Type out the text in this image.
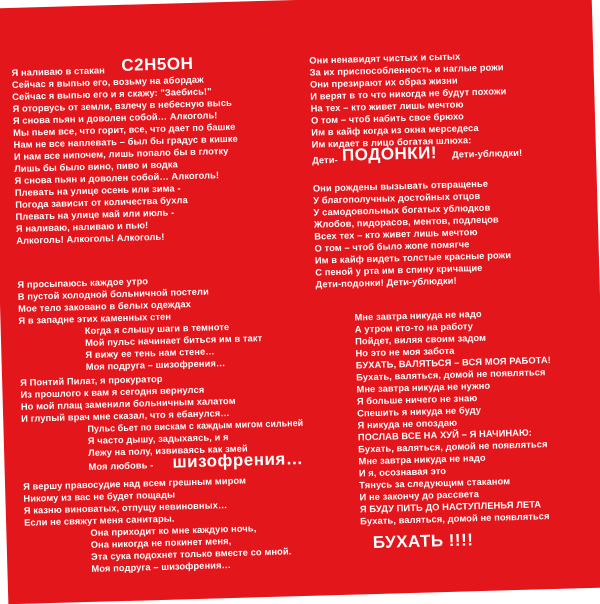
Я наливаю в стакан C2H5OH
Сейчас я выпью его, возьму на абордаж
Сейчас я выпью его и я скажу: "Заебись!"
Я оторвусь от земли, взлечу в небесную высь
Я снова пьян и доволен собой… Алкоголь!
Мы пьем все, что горит, все, что дает по башке
Нам не все наплевать – был бы градус в кишке
И нам все нипочем, лишь попало бы в глотку
Лишь бы было вино, пиво и водка
Я снова пьян и доволен собой… Алкоголь!
Плевать на улице осень или зима -
Погода зависит от количества бухла
Плевать на улице май или июль -
Я наливаю, наливаю и пью!
Алкоголь! Алкоголь! Алкоголь!
Я просыпаюсь каждое утро
В пустой холодной больничной постели
Мое тело заковано в белых одеждах
Я в западне этих каменных стен
Когда я слышу шаги в темноте
Мой пульс начинает биться им в такт
Я вижу ее тень нам стене…
Моя подруга – шизофрения…
Я Понтий Пилат, я прокуратор
Из прошлого к вам я сегодня вернулся
Но мой плащ заменили больничным халатом
И глупый врач мне сказал, что я ебанулся…
Пульс бьет по вискам с каждым мигом сильней
Я часто дышу, задыхаясь, и я
Лежу на полу, извиваясь как змей
Моя любовь - шизофрения…
Я вершу правосудие над всем грешным миром
Никому из вас не будет пощады
Я казню виноватых, отпущу невиновных…
Если не свяжут меня санитары.
Она приходит ко мне каждую ночь,
Она никогда не покинет меня,
Эта сука подохнет только вместе со мной.
Моя подруга – шизофрения…
Они ненавидят чистых и сытых
За их приспособленность и наглые рожи
Они презирают их образ жизни
И верят в то что никогда не будут похожи
На тех – кто живет лишь мечтою
О том – чтоб набить свое брюхо
Им в кайф когда из окна мерседеса
Им кидает в лицо богатая шлюха:
Дети- ПОДОНКИ! Дети-ублюдки!
Они рождены вызывать отвращенье
У благополучных достойных отцов
У самодовольных богатых ублюдков
Жлобов, пидорасов, ментов, подлецов
Всех тех – кто живет лишь мечтою
О том – чтоб было жопе помягче
Им в кайф видеть толстые красные рожи
С пеной у рта им в спину кричащие
Дети-подонки! Дети-ублюдки!
Мне завтра никуда не надо
А утром кто-то на работу
Пойдет, виляя своим задом
Но это не моя забота
БУХАТЬ, ВАЛЯТЬСЯ – ВСЯ МОЯ РАБОТА!
Бухать, валяться, домой не появляться
Мне завтра никуда не нужно
Я больше ничего не знаю
Спешить я никуда не буду
Я никуда не опоздаю
ПОСЛАВ ВСЕ НА ХУЙ – Я НАЧИНАЮ:
Бухать, валяться, домой не появляться
Мне завтра никуда не надо
И я, осознавая это
Тянусь за следующим стаканом
И не закончу до рассвета
Я БУДУ ПИТЬ ДО НАСТУПЛЕНЬЯ ЛЕТА
Бухать, валяться, домой не появляться
БУХАТЬ !!!!
